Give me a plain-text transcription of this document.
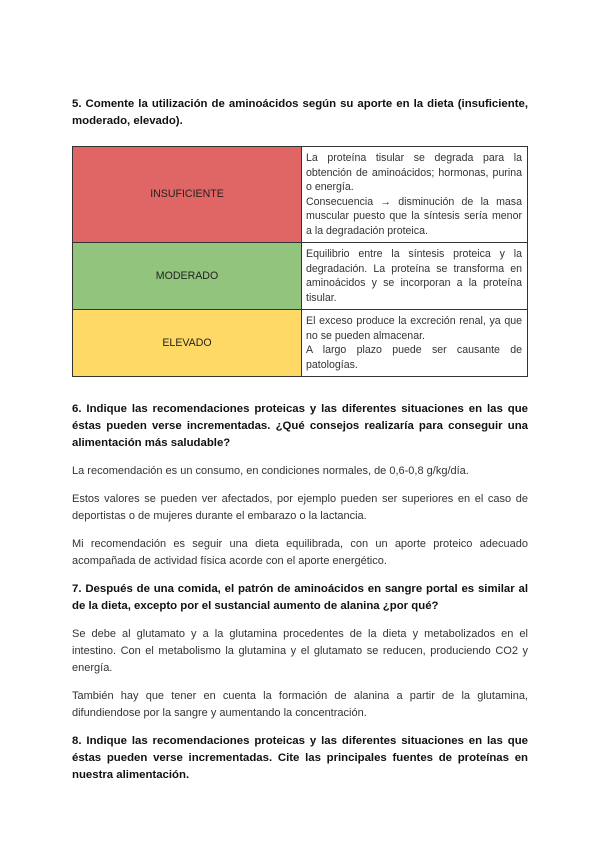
5. Comente la utilización de aminoácidos según su aporte en la dieta (insuficiente, moderado, elevado).

INSUFICIENTE	La proteína tisular se degrada para la obtención de aminoácidos; hormonas, purina o energía.
Consecuencia → disminución de la masa muscular puesto que la síntesis sería menor a la degradación proteica.

MODERADO	Equilibrio entre la síntesis proteica y la degradación. La proteína se transforma en aminoácidos y se incorporan a la proteína tisular.

ELEVADO	El exceso produce la excreción renal, ya que no se pueden almacenar.
A largo plazo puede ser causante de patologías.

6. Indique las recomendaciones proteicas y las diferentes situaciones en las que éstas pueden verse incrementadas. ¿Qué consejos realizaría para conseguir una alimentación más saludable?

La recomendación es un consumo, en condiciones normales, de 0,6-0,8 g/kg/día.

Estos valores se pueden ver afectados, por ejemplo pueden ser superiores en el caso de deportistas o de mujeres durante el embarazo o la lactancia.

Mi recomendación es seguir una dieta equilibrada, con un aporte proteico adecuado acompañada de actividad física acorde con el aporte energético.

7. Después de una comida, el patrón de aminoácidos en sangre portal es similar al de la dieta, excepto por el sustancial aumento de alanina ¿por qué?

Se debe al glutamato y a la glutamina procedentes de la dieta y metabolizados en el intestino. Con el metabolismo la glutamina y el glutamato se reducen, produciendo CO2 y energía.

También hay que tener en cuenta la formación de alanina a partir de la glutamina, difundiendose por la sangre y aumentando la concentración.

8. Indique las recomendaciones proteicas y las diferentes situaciones en las que éstas pueden verse incrementadas. Cite las principales fuentes de proteínas en nuestra alimentación.
